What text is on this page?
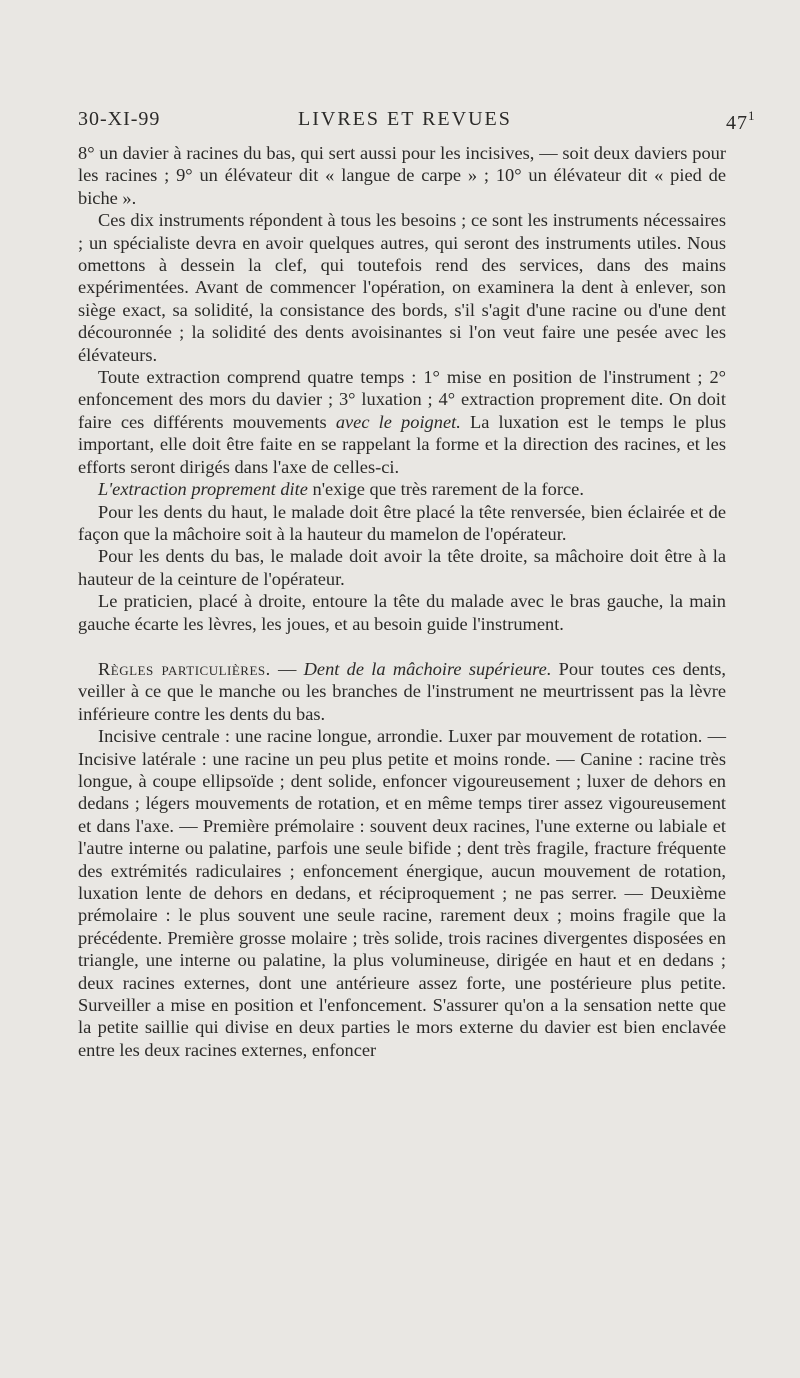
30-XI-99	LIVRES ET REVUES	$47^1$

8° un davier à racines du bas, qui sert aussi pour les incisives, — soit deux daviers pour les racines ; 9° un élévateur dit « langue de carpe » ; 10° un élévateur dit « pied de biche ».

Ces dix instruments répondent à tous les besoins ; ce sont les instruments nécessaires ; un spécialiste devra en avoir quelques autres, qui seront des instruments utiles. Nous omettons à dessein la clef, qui toutefois rend des services, dans des mains expérimentées. Avant de commencer l'opération, on examinera la dent à enlever, son siège exact, sa solidité, la consistance des bords, s'il s'agit d'une racine ou d'une dent découronnée ; la solidité des dents avoisinantes si l'on veut faire une pesée avec les élévateurs.

Toute extraction comprend quatre temps : 1° mise en position de l'instrument ; 2° enfoncement des mors du davier ; 3° luxation ; 4° extraction proprement dite. On doit faire ces différents mouvements avec le poignet. La luxation est le temps le plus important, elle doit être faite en se rappelant la forme et la direction des racines, et les efforts seront dirigés dans l'axe de celles-ci.

L'extraction proprement dite n'exige que très rarement de la force.

Pour les dents du haut, le malade doit être placé la tête renversée, bien éclairée et de façon que la mâchoire soit à la hauteur du mamelon de l'opérateur.

Pour les dents du bas, le malade doit avoir la tête droite, sa mâchoire doit être à la hauteur de la ceinture de l'opérateur.

Le praticien, placé à droite, entoure la tête du malade avec le bras gauche, la main gauche écarte les lèvres, les joues, et au besoin guide l'instrument.

Règles particulières. — Dent de la mâchoire supérieure. Pour toutes ces dents, veiller à ce que le manche ou les branches de l'instrument ne meurtrissent pas la lèvre inférieure contre les dents du bas.

Incisive centrale : une racine longue, arrondie. Luxer par mouvement de rotation. — Incisive latérale : une racine un peu plus petite et moins ronde. — Canine : racine très longue, à coupe ellipsoïde ; dent solide, enfoncer vigoureusement ; luxer de dehors en dedans ; légers mouvements de rotation, et en même temps tirer assez vigoureusement et dans l'axe. — Première prémolaire : souvent deux racines, l'une externe ou labiale et l'autre interne ou palatine, parfois une seule bifide ; dent très fragile, fracture fréquente des extrémités radiculaires ; enfoncement énergique, aucun mouvement de rotation, luxation lente de dehors en dedans, et réciproquement ; ne pas serrer. — Deuxième prémolaire : le plus souvent une seule racine, rarement deux ; moins fragile que la précédente. Première grosse molaire ; très solide, trois racines divergentes disposées en triangle, une interne ou palatine, la plus volumineuse, dirigée en haut et en dedans ; deux racines externes, dont une antérieure assez forte, une postérieure plus petite. Surveiller a mise en position et l'enfoncement. S'assurer qu'on a la sensation nette que la petite saillie qui divise en deux parties le mors externe du davier est bien enclavée entre les deux racines externes, enfoncer
